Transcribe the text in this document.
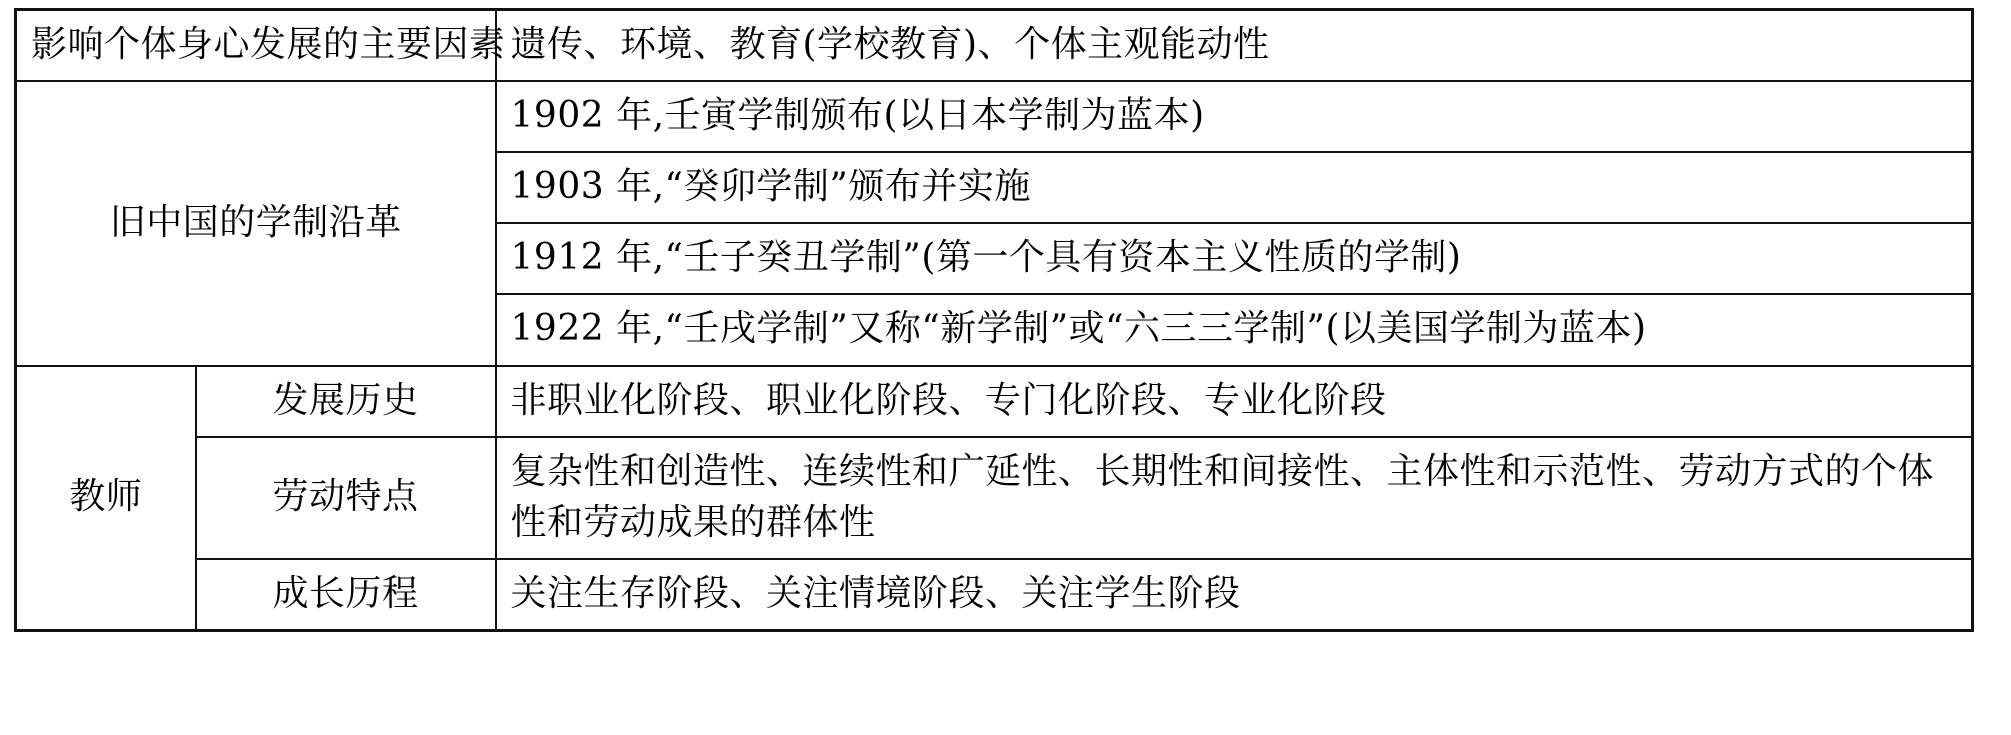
影响个体身心发展的主要因素		遗传、环境、教育(学校教育)、个体主观能动性
旧中国的学制沿革		1902 年,壬寅学制颁布(以日本学制为蓝本)
		1903 年,“癸卯学制”颁布并实施
		1912 年,“壬子癸丑学制”(第一个具有资本主义性质的学制)
		1922 年,“壬戌学制”又称“新学制”或“六三三学制”(以美国学制为蓝本)
教师	发展历史	非职业化阶段、职业化阶段、专门化阶段、专业化阶段
	劳动特点	复杂性和创造性、连续性和广延性、长期性和间接性、主体性和示范性、劳动方式的个体性和劳动成果的群体性
	成长历程	关注生存阶段、关注情境阶段、关注学生阶段
